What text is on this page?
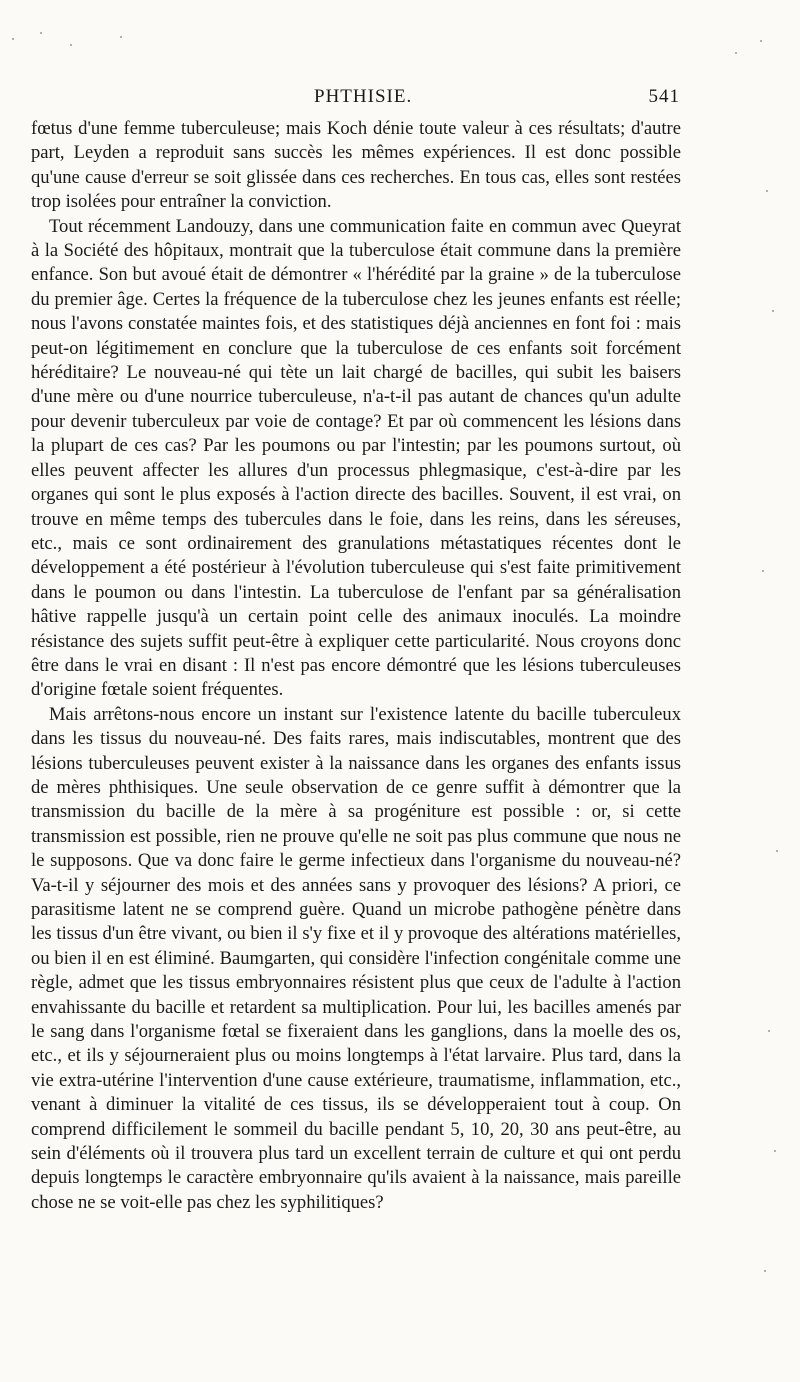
PHTHISIE.	541

fœtus d'une femme tuberculeuse; mais Koch dénie toute valeur à ces résultats; d'autre part, Leyden a reproduit sans succès les mêmes expériences. Il est donc possible qu'une cause d'erreur se soit glissée dans ces recherches. En tous cas, elles sont restées trop isolées pour entraîner la conviction.

Tout récemment Landouzy, dans une communication faite en commun avec Queyrat à la Société des hôpitaux, montrait que la tuberculose était commune dans la première enfance. Son but avoué était de démontrer « l'hérédité par la graine » de la tuberculose du premier âge. Certes la fréquence de la tuberculose chez les jeunes enfants est réelle; nous l'avons constatée maintes fois, et des statistiques déjà anciennes en font foi : mais peut-on légitimement en conclure que la tuberculose de ces enfants soit forcément héréditaire? Le nouveau-né qui tète un lait chargé de bacilles, qui subit les baisers d'une mère ou d'une nourrice tuberculeuse, n'a-t-il pas autant de chances qu'un adulte pour devenir tuberculeux par voie de contage? Et par où commencent les lésions dans la plupart de ces cas? Par les poumons ou par l'intestin; par les poumons surtout, où elles peuvent affecter les allures d'un processus phlegmasique, c'est-à-dire par les organes qui sont le plus exposés à l'action directe des bacilles. Souvent, il est vrai, on trouve en même temps des tubercules dans le foie, dans les reins, dans les séreuses, etc., mais ce sont ordinairement des granulations métastatiques récentes dont le développement a été postérieur à l'évolution tuberculeuse qui s'est faite primitivement dans le poumon ou dans l'intestin. La tuberculose de l'enfant par sa généralisation hâtive rappelle jusqu'à un certain point celle des animaux inoculés. La moindre résistance des sujets suffit peut-être à expliquer cette particularité. Nous croyons donc être dans le vrai en disant : Il n'est pas encore démontré que les lésions tuberculeuses d'origine fœtale soient fréquentes.

Mais arrêtons-nous encore un instant sur l'existence latente du bacille tuberculeux dans les tissus du nouveau-né. Des faits rares, mais indiscutables, montrent que des lésions tuberculeuses peuvent exister à la naissance dans les organes des enfants issus de mères phthisiques. Une seule observation de ce genre suffit à démontrer que la transmission du bacille de la mère à sa progéniture est possible : or, si cette transmission est possible, rien ne prouve qu'elle ne soit pas plus commune que nous ne le supposons. Que va donc faire le germe infectieux dans l'organisme du nouveau-né? Va-t-il y séjourner des mois et des années sans y provoquer des lésions? A priori, ce parasitisme latent ne se comprend guère. Quand un microbe pathogène pénètre dans les tissus d'un être vivant, ou bien il s'y fixe et il y provoque des altérations matérielles, ou bien il en est éliminé. Baumgarten, qui considère l'infection congénitale comme une règle, admet que les tissus embryonnaires résistent plus que ceux de l'adulte à l'action envahissante du bacille et retardent sa multiplication. Pour lui, les bacilles amenés par le sang dans l'organisme fœtal se fixeraient dans les ganglions, dans la moelle des os, etc., et ils y séjourneraient plus ou moins longtemps à l'état larvaire. Plus tard, dans la vie extra-utérine l'intervention d'une cause extérieure, traumatisme, inflammation, etc., venant à diminuer la vitalité de ces tissus, ils se développeraient tout à coup. On comprend difficilement le sommeil du bacille pendant 5, 10, 20, 30 ans peut-être, au sein d'éléments où il trouvera plus tard un excellent terrain de culture et qui ont perdu depuis longtemps le caractère embryonnaire qu'ils avaient à la naissance, mais pareille chose ne se voit-elle pas chez les syphilitiques?
